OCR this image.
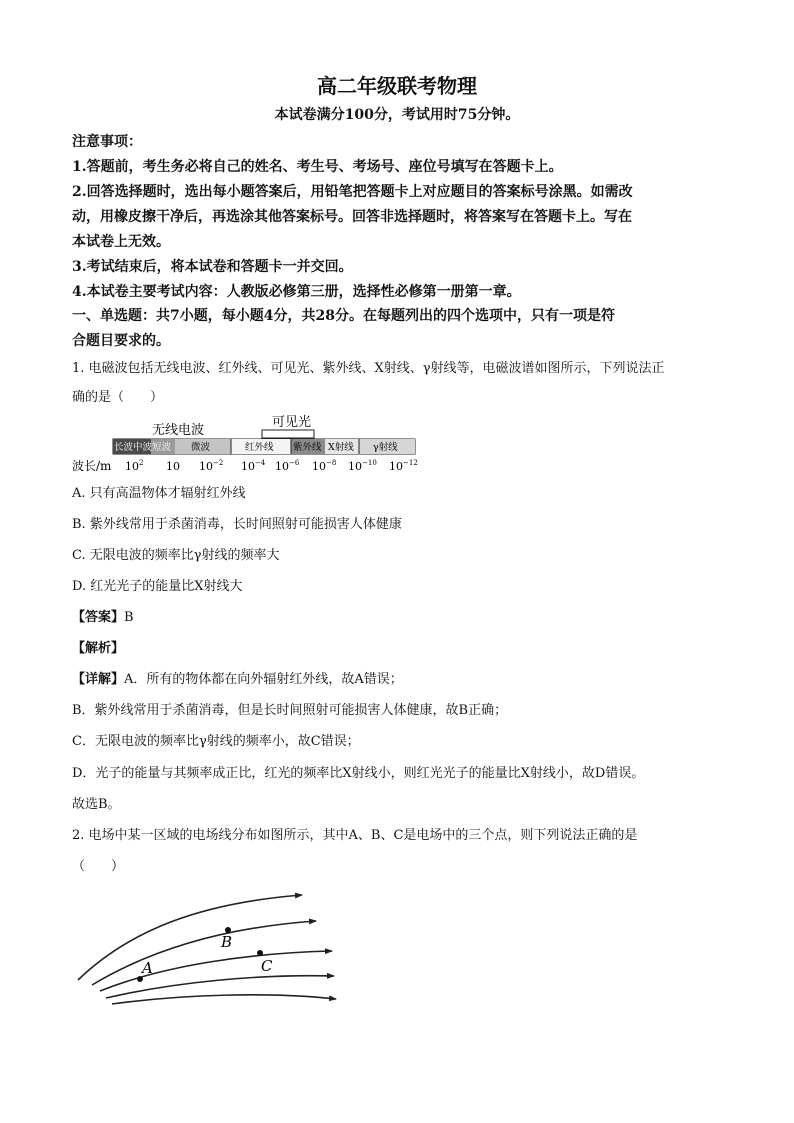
高二年级联考物理
本试卷满分100分，考试用时75分钟。
注意事项：
1.答题前，考生务必将自己的姓名、考生号、考场号、座位号填写在答题卡上。
2.回答选择题时，选出每小题答案后，用铅笔把答题卡上对应题目的答案标号涂黑。如需改
动，用橡皮擦干净后，再选涂其他答案标号。回答非选择题时，将答案写在答题卡上。写在
本试卷上无效。
3.考试结束后，将本试卷和答题卡一并交回。
4.本试卷主要考试内容：人教版必修第三册，选择性必修第一册第一章。
一、单选题：共7小题，每小题4分，共28分。在每题列出的四个选项中，只有一项是符
合题目要求的。
1. 电磁波包括无线电波、红外线、可见光、紫外线、X射线、γ射线等，电磁波谱如图所示，下列说法正
确的是（　　）
无线电波
可见光
长波 中波 短波 微波	红外线 紫外线 X射线 γ射线
波长/m $10^2$ 10 $10^{-2}$ $10^{-4}$ $10^{-6}$ $10^{-8}$ $10^{-10}$ $10^{-12}$
A. 只有高温物体才辐射红外线
B. 紫外线常用于杀菌消毒，长时间照射可能损害人体健康
C. 无限电波的频率比γ射线的频率大
D. 红光光子的能量比X射线大
【答案】B
【解析】
【详解】A．所有的物体都在向外辐射红外线，故A错误；
B．紫外线常用于杀菌消毒，但是长时间照射可能损害人体健康，故B正确；
C．无限电波的频率比γ射线的频率小，故C错误；
D．光子的能量与其频率成正比，红光的频率比X射线小，则红光光子的能量比X射线小，故D错误。
故选B。
2. 电场中某一区域的电场线分布如图所示，其中A、B、C是电场中的三个点，则下列说法正确的是
（　　）
A
B
C
